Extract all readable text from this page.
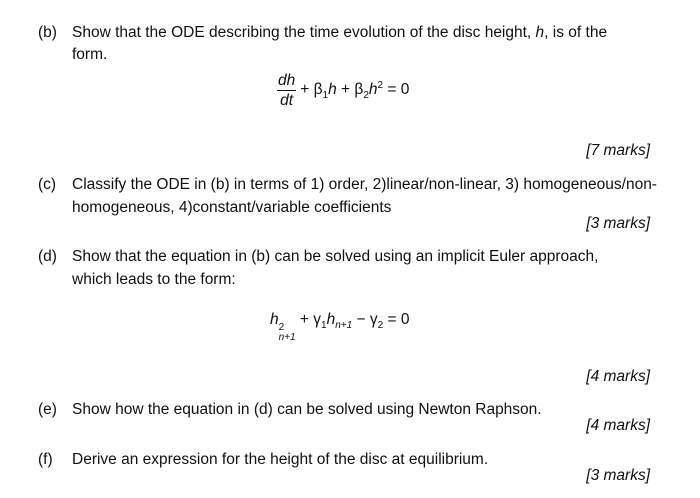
(b) Show that the ODE describing the time evolution of the disc height, h, is of the
form.
$\frac{dh}{dt} + \beta_1h + \beta_2h^2 = 0$
[7 marks]
(c) Classify the ODE in (b) in terms of 1) order, 2)linear/non-linear, 3) homogeneous/non-
homogeneous, 4)constant/variable coefficients
[3 marks]
(d) Show that the equation in (b) can be solved using an implicit Euler approach,
which leads to the form:
h 2
n+1
+ $\gamma_1h_{n+1} - \gamma_2 = 0$
[4 marks]
(e) Show how the equation in (d) can be solved using Newton Raphson.
[4 marks]
(f) Derive an expression for the height of the disc at equilibrium.
[3 marks]
